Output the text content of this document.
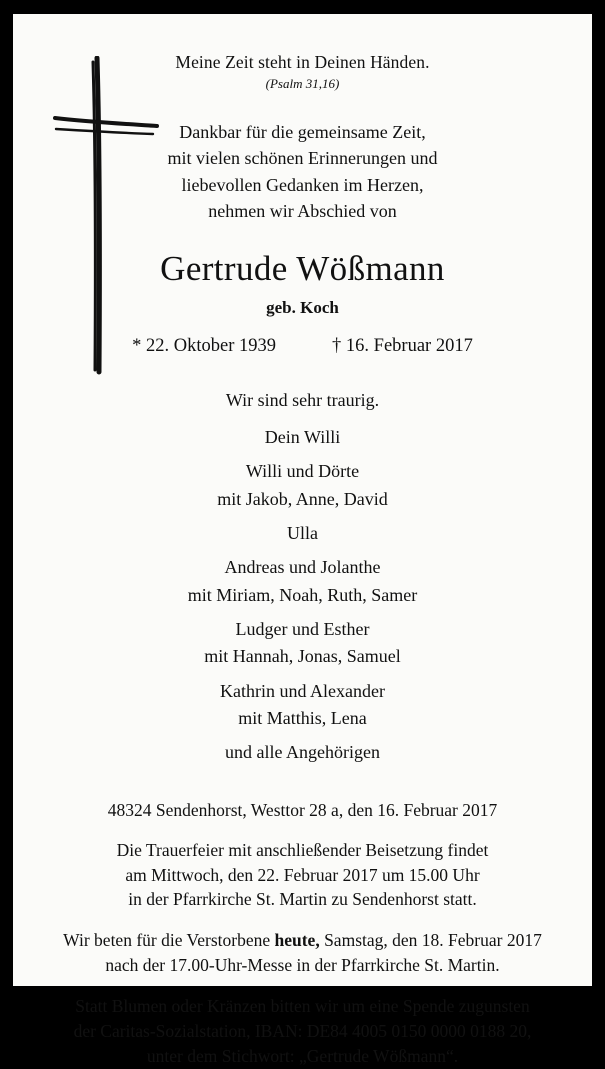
Meine Zeit steht in Deinen Händen.
(Psalm 31,16)
Dankbar für die gemeinsame Zeit,
mit vielen schönen Erinnerungen und
liebevollen Gedanken im Herzen,
nehmen wir Abschied von
Gertrude Wößmann
geb. Koch
* 22. Oktober 1939	† 16. Februar 2017
Wir sind sehr traurig.
Dein Willi
Willi und Dörte
mit Jakob, Anne, David
Ulla
Andreas und Jolanthe
mit Miriam, Noah, Ruth, Samer
Ludger und Esther
mit Hannah, Jonas, Samuel
Kathrin und Alexander
mit Matthis, Lena
und alle Angehörigen
48324 Sendenhorst, Westtor 28 a, den 16. Februar 2017
Die Trauerfeier mit anschließender Beisetzung findet
am Mittwoch, den 22. Februar 2017 um 15.00 Uhr
in der Pfarrkirche St. Martin zu Sendenhorst statt.
Wir beten für die Verstorbene heute, Samstag, den 18. Februar 2017
nach der 17.00-Uhr-Messe in der Pfarrkirche St. Martin.
Statt Blumen oder Kränzen bitten wir um eine Spende zugunsten
der Caritas-Sozialstation, IBAN: DE84 4005 0150 0000 0188 20,
unter dem Stichwort: „Gertrude Wößmann“.
